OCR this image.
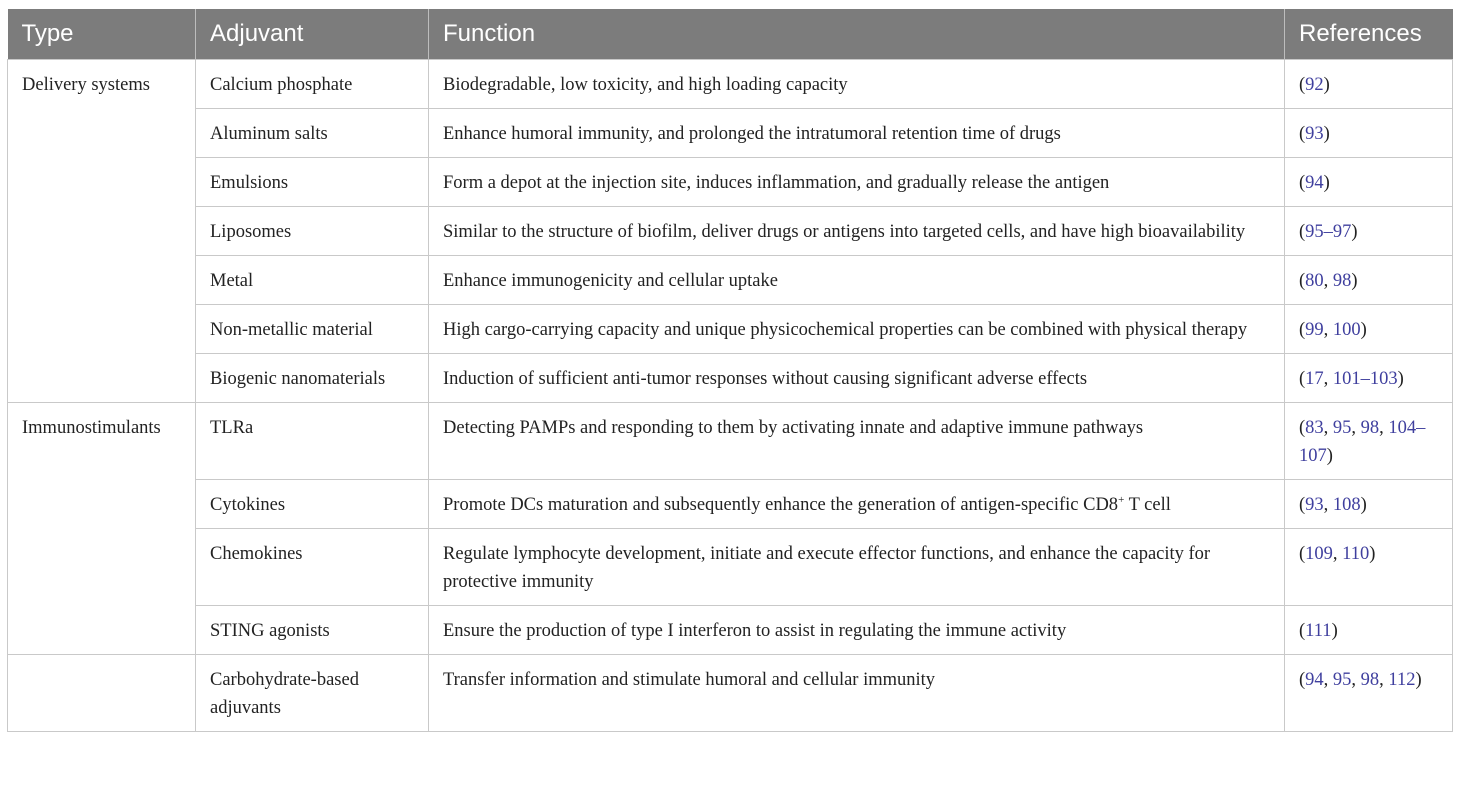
Type	Adjuvant	Function	References
Delivery systems	Calcium phosphate	Biodegradable, low toxicity, and high loading capacity	(92)
	Aluminum salts	Enhance humoral immunity, and prolonged the intratumoral retention time of drugs	(93)
	Emulsions	Form a depot at the injection site, induces inflammation, and gradually release the antigen	(94)
	Liposomes	Similar to the structure of biofilm, deliver drugs or antigens into targeted cells, and have high bioavailability	(95–97)
	Metal	Enhance immunogenicity and cellular uptake	(80, 98)
	Non-metallic material	High cargo-carrying capacity and unique physicochemical properties can be combined with physical therapy	(99, 100)
	Biogenic nanomaterials	Induction of sufficient anti-tumor responses without causing significant adverse effects	(17, 101–103)
Immunostimulants	TLRa	Detecting PAMPs and responding to them by activating innate and adaptive immune pathways	(83, 95, 98, 104–107)
	Cytokines	Promote DCs maturation and subsequently enhance the generation of antigen-specific CD8+ T cell	(93, 108)
	Chemokines	Regulate lymphocyte development, initiate and execute effector functions, and enhance the capacity for protective immunity	(109, 110)
	STING agonists	Ensure the production of type I interferon to assist in regulating the immune activity	(111)
	Carbohydrate-based adjuvants	Transfer information and stimulate humoral and cellular immunity	(94, 95, 98, 112)
